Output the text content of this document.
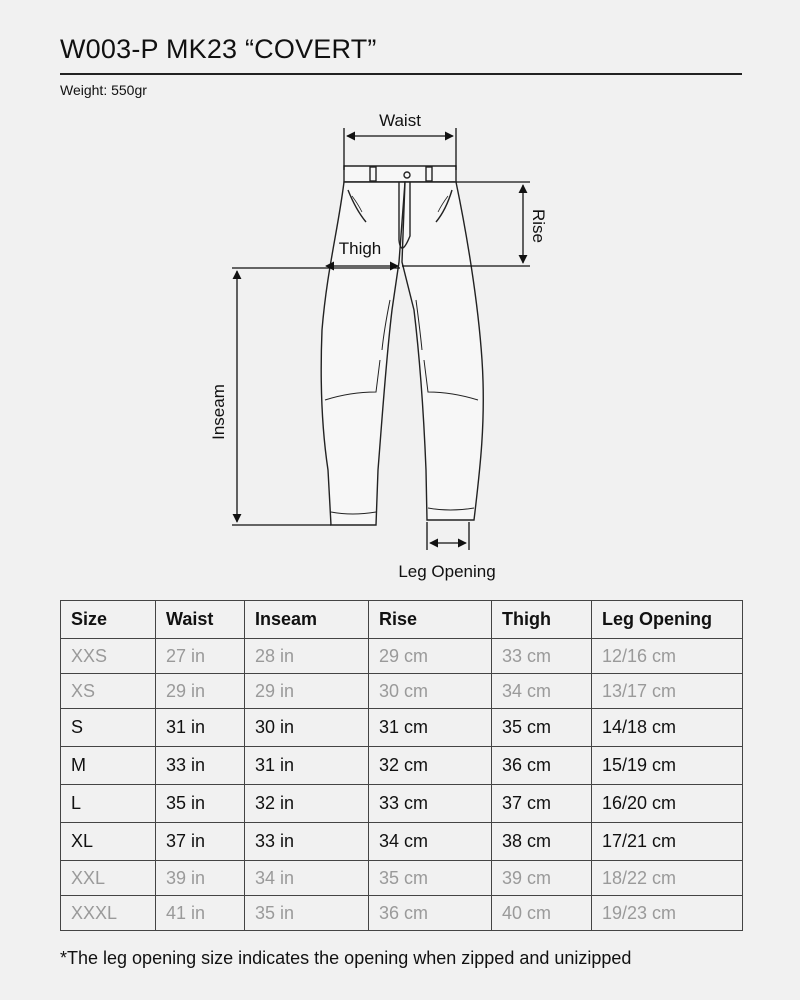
W003-P MK23 “COVERT”
Weight: 550gr
Waist
Rise
Thigh
Inseam
Leg Opening
Size	Waist	Inseam	Rise	Thigh	Leg Opening
XXS	27 in	28 in	29 cm	33 cm	12/16 cm
XS	29 in	29 in	30 cm	34 cm	13/17 cm
S	31 in	30 in	31 cm	35 cm	14/18 cm
M	33 in	31 in	32 cm	36 cm	15/19 cm
L	35 in	32 in	33 cm	37 cm	16/20 cm
XL	37 in	33 in	34 cm	38 cm	17/21 cm
XXL	39 in	34 in	35 cm	39 cm	18/22 cm
XXXL	41 in	35 in	36 cm	40 cm	19/23 cm
*The leg opening size indicates the opening when zipped and unizipped
